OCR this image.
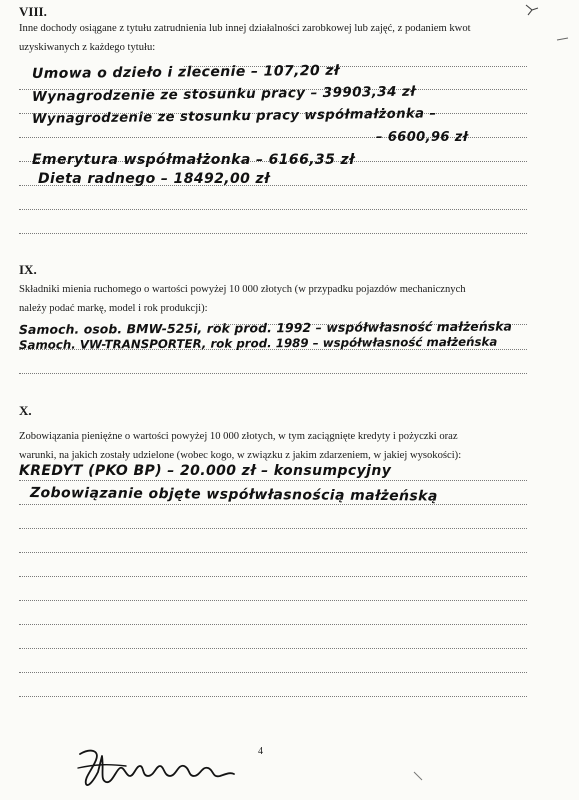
VIII.
Inne dochody osiągane z tytułu zatrudnienia lub innej działalności zarobkowej lub zajęć, z podaniem kwot
uzyskiwanych z każdego tytułu:
Umowa o dzieło i zlecenie – 107,20 zł
Wynagrodzenie ze stosunku pracy – 39903,34 zł
Wynagrodzenie ze stosunku pracy współmałżonka –
– 6600,96 zł
Emerytura współmałżonka – 6166,35 zł
Dieta radnego – 18492,00 zł
IX.
Składniki mienia ruchomego o wartości powyżej 10 000 złotych (w przypadku pojazdów mechanicznych
należy podać markę, model i rok produkcji):
Samoch. osob. BMW-525i, rok prod. 1992 – współwłasność małżeńska
Samoch. VW-TRANSPORTER, rok prod. 1989 – współwłasność małżeńska
X.
Zobowiązania pieniężne o wartości powyżej 10 000 złotych, w tym zaciągnięte kredyty i pożyczki oraz
warunki, na jakich zostały udzielone (wobec kogo, w związku z jakim zdarzeniem, w jakiej wysokości):
KREDYT (PKO BP) – 20.000 zł – konsumpcyjny
Zobowiązanie objęte współwłasnością małżeńską
4
